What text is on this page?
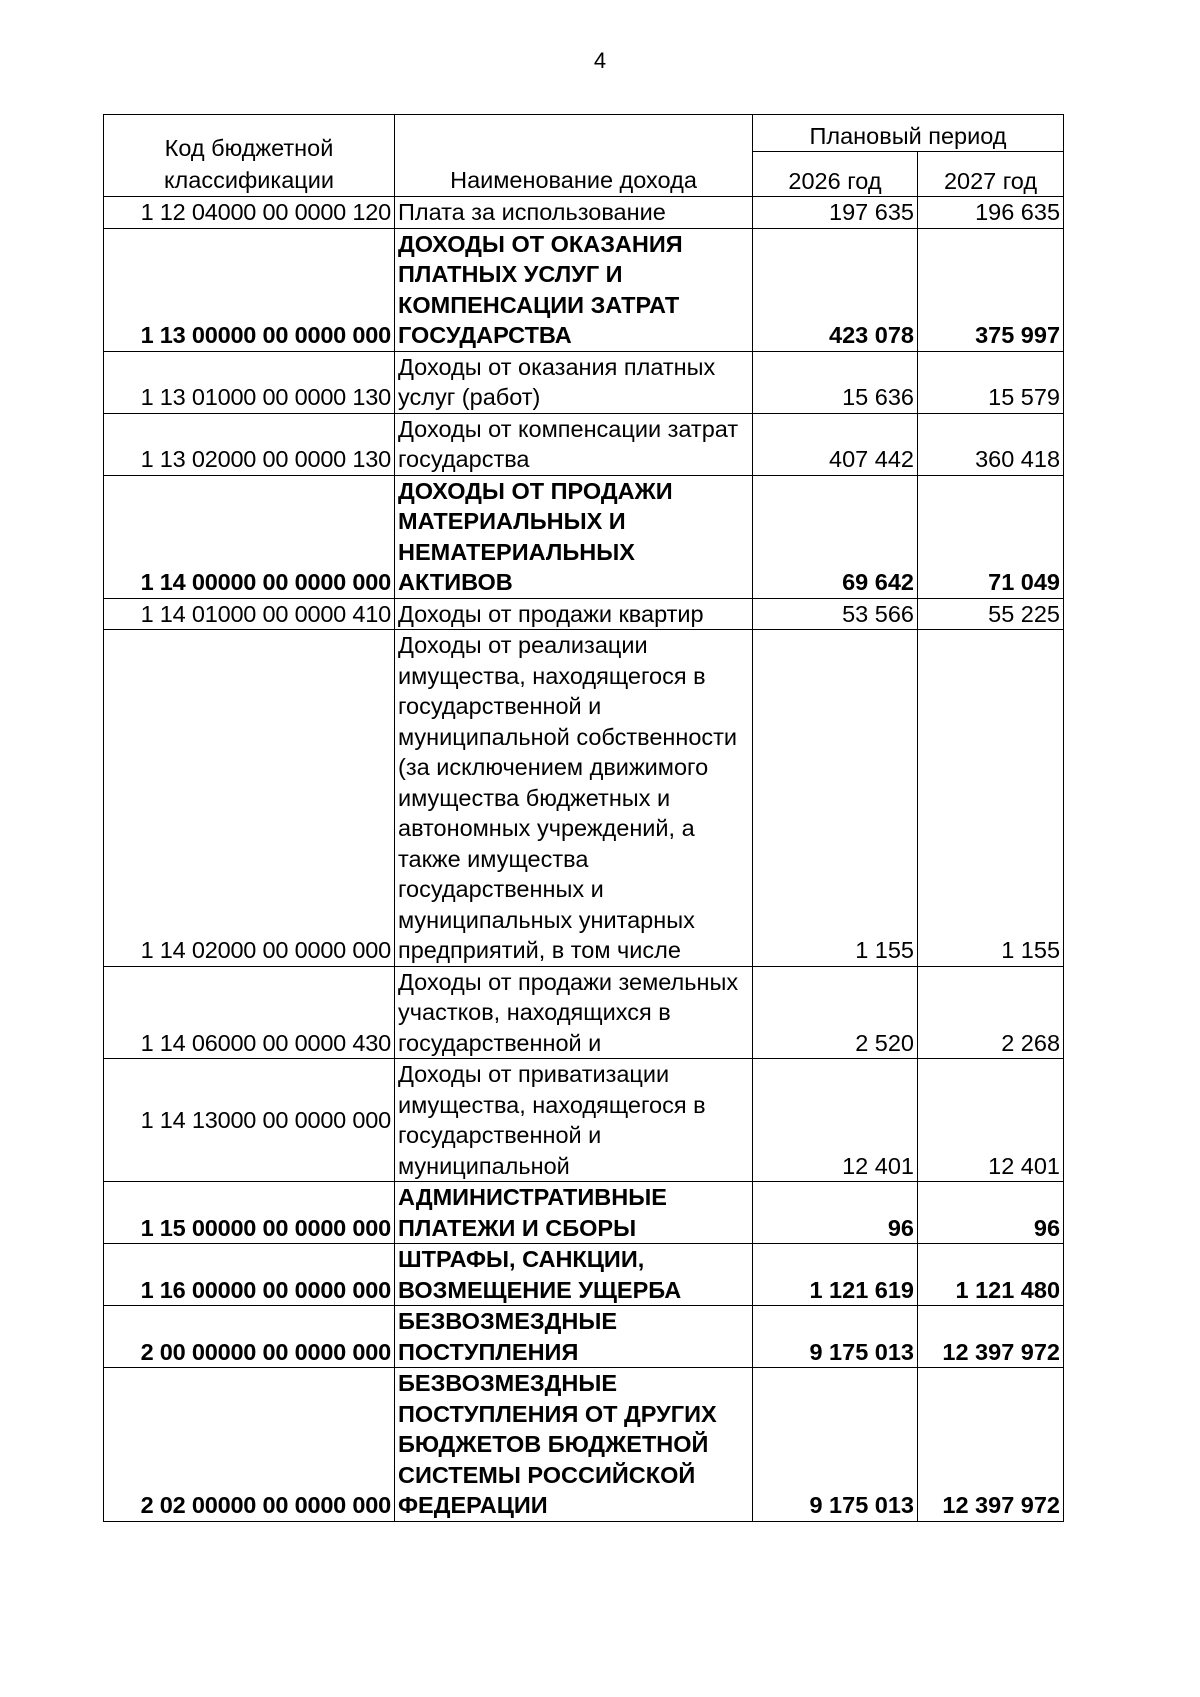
4
Код бюджетной классификации	Наименование дохода	Плановый период	
		2026 год	2027 год
1 12 04000 00 0000 120	Плата за использование	197 635	196 635
1 13 00000 00 0000 000	ДОХОДЫ ОТ ОКАЗАНИЯ ПЛАТНЫХ УСЛУГ И КОМПЕНСАЦИИ ЗАТРАТ ГОСУДАРСТВА	423 078	375 997
1 13 01000 00 0000 130	Доходы от оказания платных услуг (работ)	15 636	15 579
1 13 02000 00 0000 130	Доходы от компенсации затрат государства	407 442	360 418
1 14 00000 00 0000 000	ДОХОДЫ ОТ ПРОДАЖИ МАТЕРИАЛЬНЫХ И НЕМАТЕРИАЛЬНЫХ АКТИВОВ	69 642	71 049
1 14 01000 00 0000 410	Доходы от продажи квартир	53 566	55 225
1 14 02000 00 0000 000	Доходы от реализации имущества, находящегося в государственной и муниципальной собственности (за исключением движимого имущества бюджетных и автономных учреждений, а также имущества государственных и муниципальных унитарных предприятий, в том числе	1 155	1 155
1 14 06000 00 0000 430	Доходы от продажи земельных участков, находящихся в государственной и	2 520	2 268
1 14 13000 00 0000 000	Доходы от приватизации имущества, находящегося в государственной и муниципальной	12 401	12 401
1 15 00000 00 0000 000	АДМИНИСТРАТИВНЫЕ ПЛАТЕЖИ И СБОРЫ	96	96
1 16 00000 00 0000 000	ШТРАФЫ, САНКЦИИ, ВОЗМЕЩЕНИЕ УЩЕРБА	1 121 619	1 121 480
2 00 00000 00 0000 000	БЕЗВОЗМЕЗДНЫЕ ПОСТУПЛЕНИЯ	9 175 013	12 397 972
2 02 00000 00 0000 000	БЕЗВОЗМЕЗДНЫЕ ПОСТУПЛЕНИЯ ОТ ДРУГИХ БЮДЖЕТОВ БЮДЖЕТНОЙ СИСТЕМЫ РОССИЙСКОЙ ФЕДЕРАЦИИ	9 175 013	12 397 972
